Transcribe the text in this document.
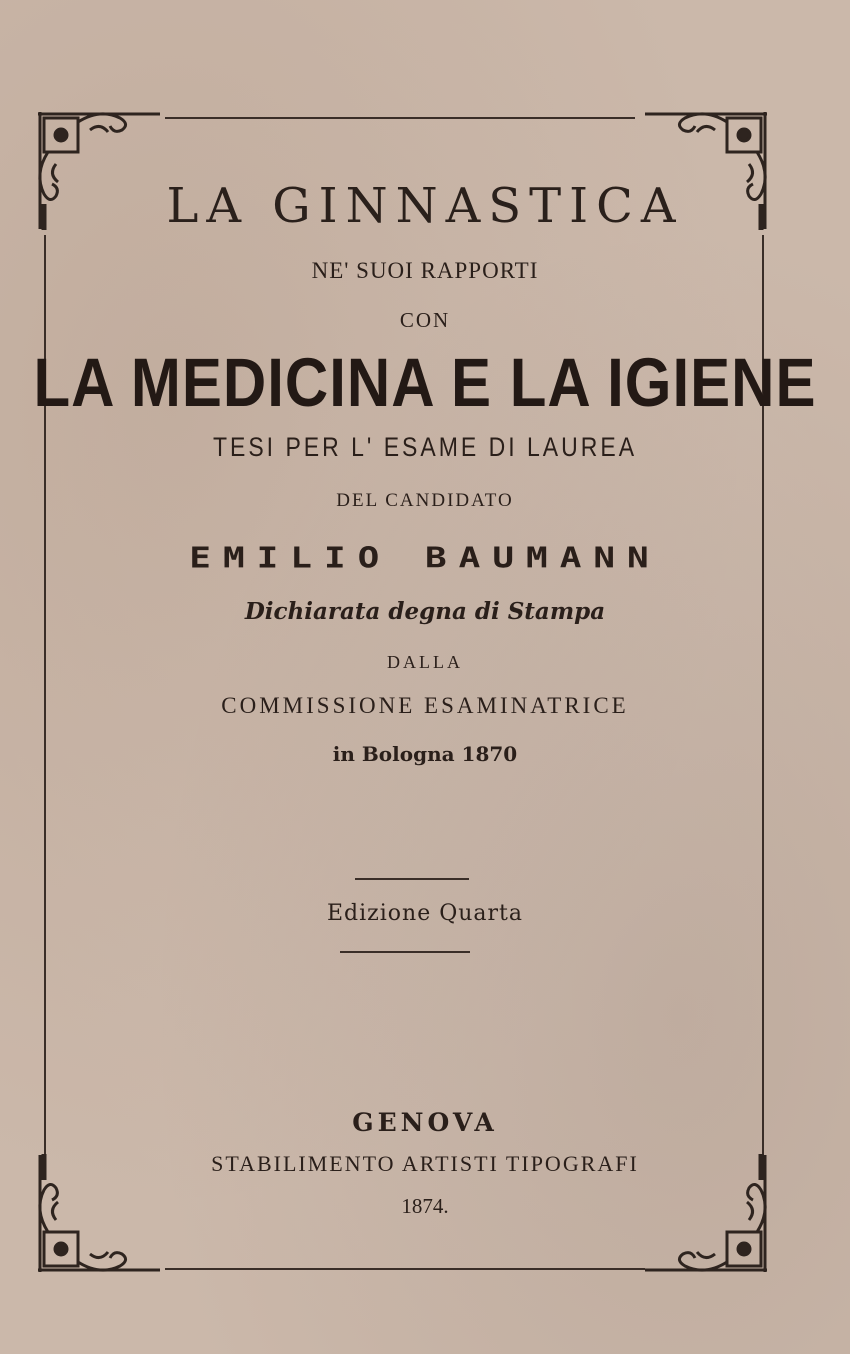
LA GINNASTICA
NE' SUOI RAPPORTI
CON
LA MEDICINA E LA IGIENE
TESI PER L' ESAME DI LAUREA
DEL CANDIDATO
EMILIO BAUMANN
Dichiarata degna di Stampa
DALLA
COMMISSIONE ESAMINATRICE
in Bologna 1870
Edizione Quarta
GENOVA
STABILIMENTO ARTISTI TIPOGRAFI
1874.
